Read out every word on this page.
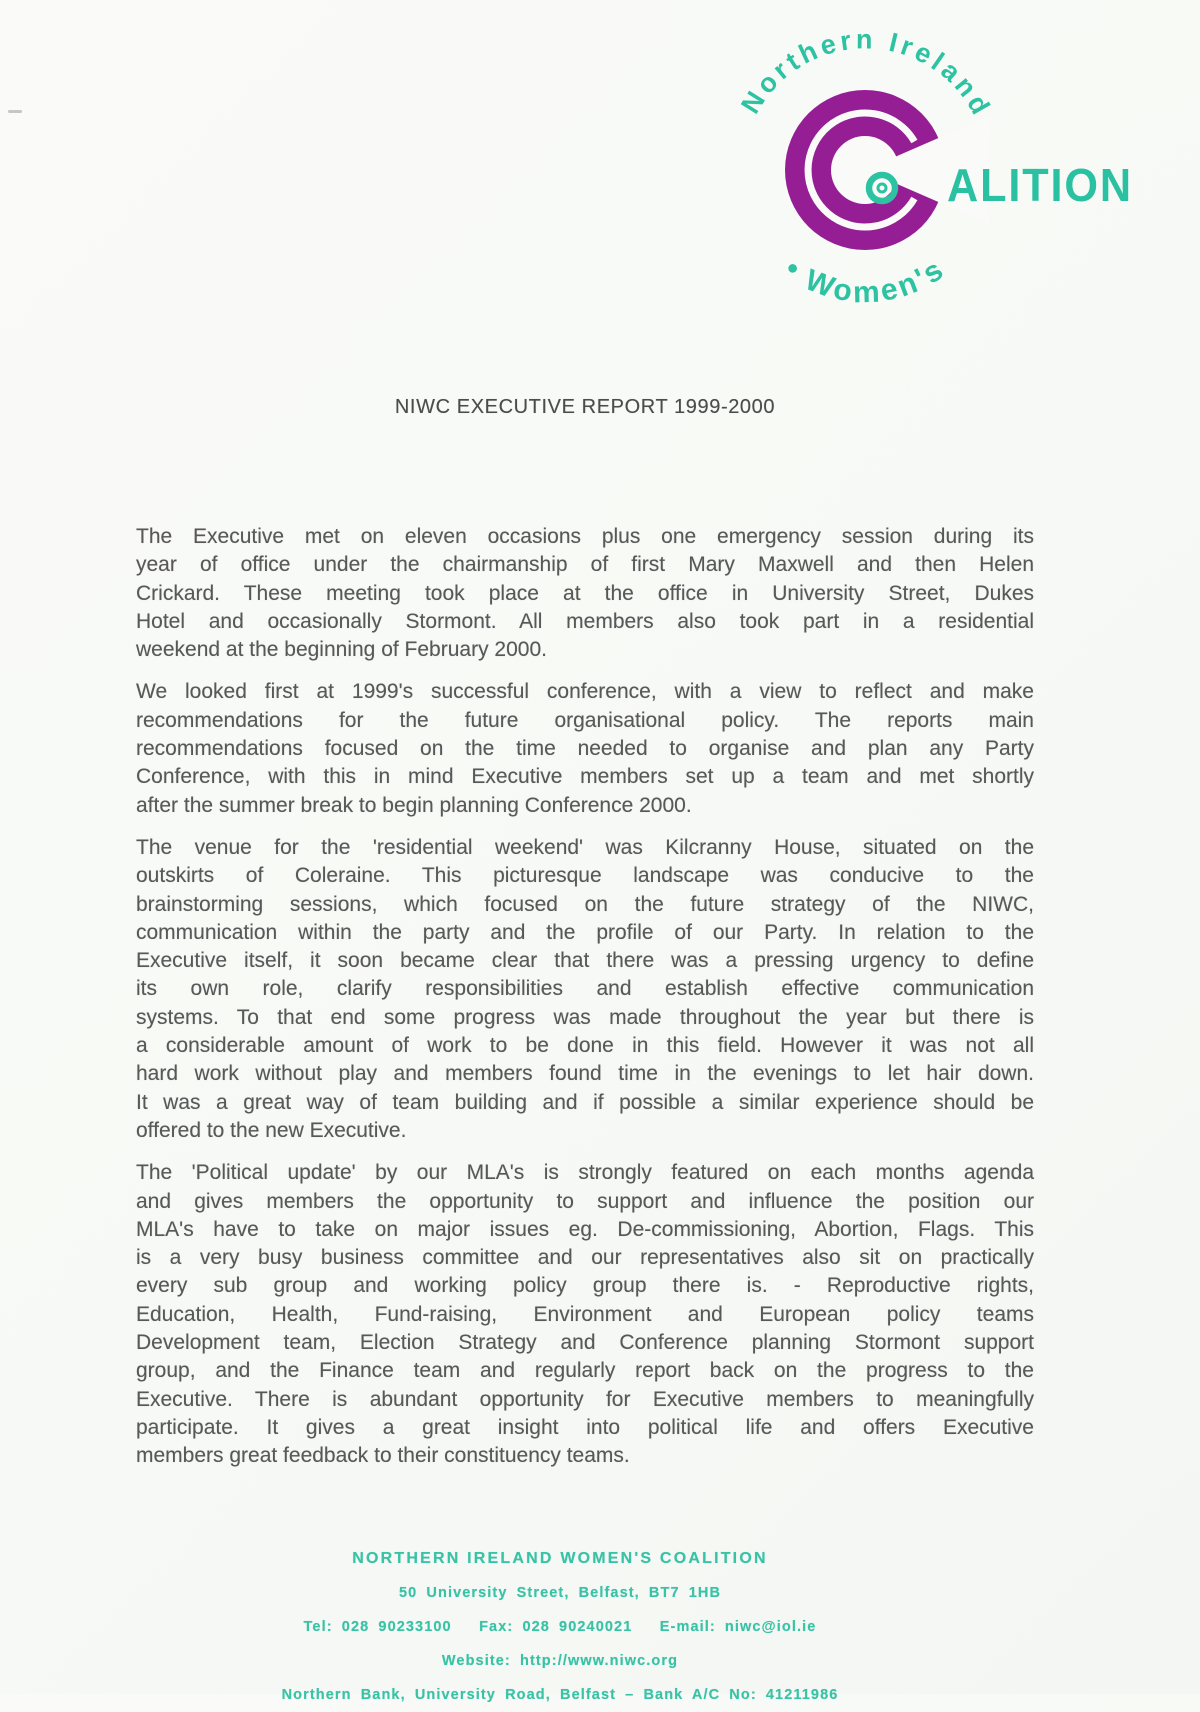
ALITION
Northern Ireland
• Women's
NIWC EXECUTIVE REPORT 1999-2000
The Executive met on eleven occasions plus one emergency session during its
year of office under the chairmanship of first Mary Maxwell and then Helen
Crickard. These meeting took place at the office in University Street, Dukes
Hotel and occasionally Stormont. All members also took part in a residential
weekend at the beginning of February 2000.
We looked first at 1999's successful conference, with a view to reflect and make
recommendations for the future organisational policy. The reports main
recommendations focused on the time needed to organise and plan any Party
Conference, with this in mind Executive members set up a team and met shortly
after the summer break to begin planning Conference 2000.
The venue for the 'residential weekend' was Kilcranny House, situated on the
outskirts of Coleraine. This picturesque landscape was conducive to the
brainstorming sessions, which focused on the future strategy of the NIWC,
communication within the party and the profile of our Party. In relation to the
Executive itself, it soon became clear that there was a pressing urgency to define
its own role, clarify responsibilities and establish effective communication
systems. To that end some progress was made throughout the year but there is
a considerable amount of work to be done in this field. However it was not all
hard work without play and members found time in the evenings to let hair down.
It was a great way of team building and if possible a similar experience should be
offered to the new Executive.
The 'Political update' by our MLA's is strongly featured on each months agenda
and gives members the opportunity to support and influence the position our
MLA's have to take on major issues eg. De-commissioning, Abortion, Flags. This
is a very busy business committee and our representatives also sit on practically
every sub group and working policy group there is. - Reproductive rights,
Education, Health, Fund-raising, Environment and European policy teams
Development team, Election Strategy and Conference planning Stormont support
group, and the Finance team and regularly report back on the progress to the
Executive. There is abundant opportunity for Executive members to meaningfully
participate. It gives a great insight into political life and offers Executive
members great feedback to their constituency teams.
NORTHERN IRELAND WOMEN'S COALITION
50 University Street, Belfast, BT7 1HB
Tel: 028 90233100   Fax: 028 90240021   E-mail: niwc@iol.ie
Website: http://www.niwc.org
Northern Bank, University Road, Belfast – Bank A/C No: 41211986
